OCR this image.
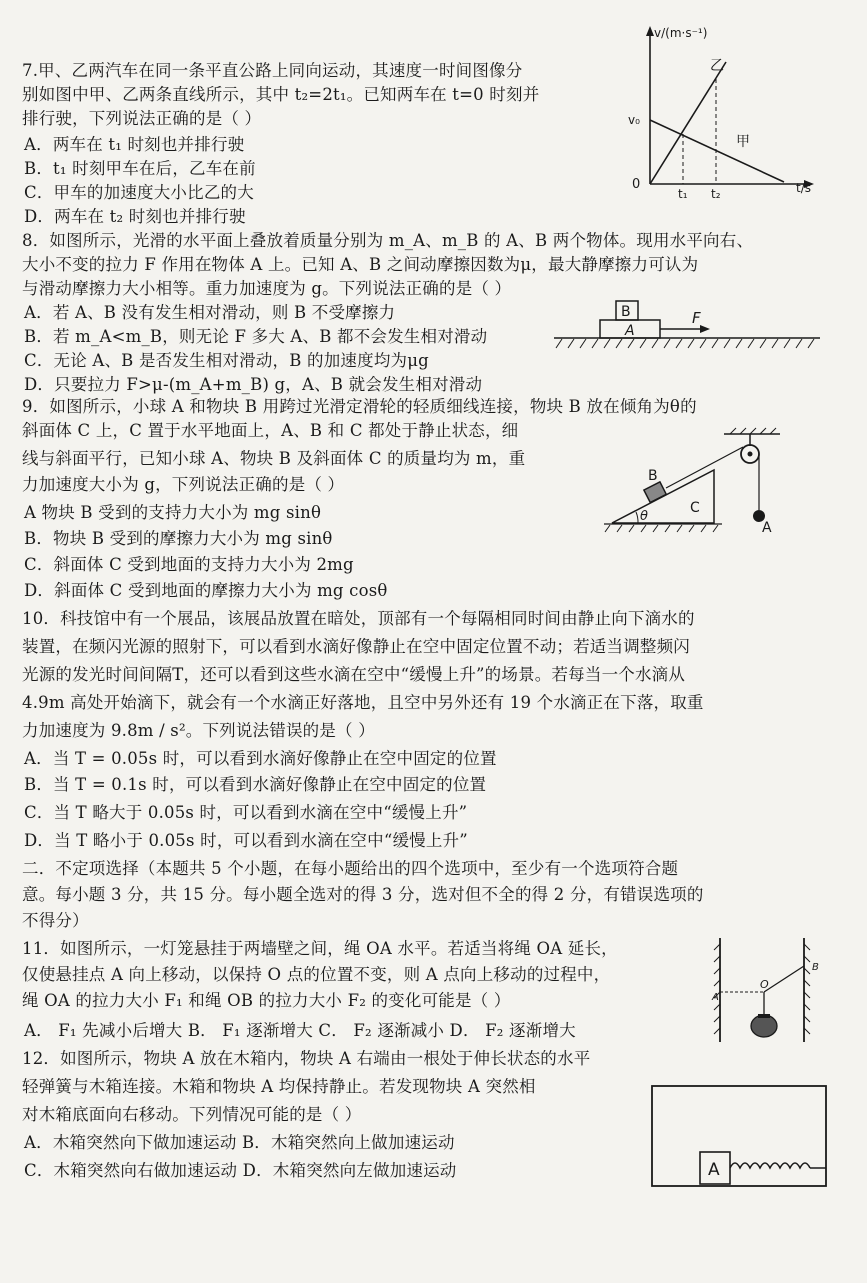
7.甲、乙两汽车在同一条平直公路上同向运动，其速度一时间图像分
别如图中甲、乙两条直线所示，其中 t₂=2t₁。已知两车在 t=0 时刻并
排行驶，下列说法正确的是（ ）
A．两车在 t₁ 时刻也并排行驶
B．t₁ 时刻甲车在后，乙车在前
C．甲车的加速度大小比乙的大
D．两车在 t₂ 时刻也并排行驶
v/(m·s⁻¹)
t/s
0
v₀
t₁ t₂
甲
乙
8．如图所示，光滑的水平面上叠放着质量分别为 m_A、m_B 的 A、B 两个物体。现用水平向右、
大小不变的拉力 F 作用在物体 A 上。已知 A、B 之间动摩擦因数为μ，最大静摩擦力可认为
与滑动摩擦力大小相等。重力加速度为 g。下列说法正确的是（ ）
A．若 A、B 没有发生相对滑动，则 B 不受摩擦力
B．若 m_A<m_B，则无论 F 多大 A、B 都不会发生相对滑动
C．无论 A、B 是否发生相对滑动，B 的加速度均为μg
D．只要拉力 F>μ-(m_A+m_B) g，A、B 就会发生相对滑动
A
B	F
9．如图所示，小球 A 和物块 B 用跨过光滑定滑轮的轻质细线连接，物块 B 放在倾角为θ的
斜面体 C 上，C 置于水平地面上，A、B 和 C 都处于静止状态，细
线与斜面平行，已知小球 A、物块 B 及斜面体 C 的质量均为 m，重
力加速度大小为 g，下列说法正确的是（ ）
A 物块 B 受到的支持力大小为 mg sinθ
B．物块 B 受到的摩擦力大小为 mg sinθ
C．斜面体 C 受到地面的支持力大小为 2mg
D．斜面体 C 受到地面的摩擦力大小为 mg cosθ
θ
B
C
A
10．科技馆中有一个展品，该展品放置在暗处，顶部有一个每隔相同时间由静止向下滴水的
装置，在频闪光源的照射下，可以看到水滴好像静止在空中固定位置不动；若适当调整频闪
光源的发光时间间隔T，还可以看到这些水滴在空中“缓慢上升”的场景。若每当一个水滴从
4.9m 高处开始滴下，就会有一个水滴正好落地，且空中另外还有 19 个水滴正在下落，取重
力加速度为 9.8m / s²。下列说法错误的是（ ）
A．当 T = 0.05s 时，可以看到水滴好像静止在空中固定的位置
B．当 T = 0.1s 时，可以看到水滴好像静止在空中固定的位置
C．当 T 略大于 0.05s 时，可以看到水滴在空中“缓慢上升”
D．当 T 略小于 0.05s 时，可以看到水滴在空中“缓慢上升”
二．不定项选择（本题共 5 个小题，在每小题给出的四个选项中，至少有一个选项符合题
意。每小题 3 分，共 15 分。每小题全选对的得 3 分，选对但不全的得 2 分，有错误选项的
不得分）
11．如图所示，一灯笼悬挂于两墙壁之间，绳 OA 水平。若适当将绳 OA 延长，
仅使悬挂点 A 向上移动，以保持 O 点的位置不变，则 A 点向上移动的过程中，
绳 OA 的拉力大小 F₁ 和绳 OB 的拉力大小 F₂ 的变化可能是（ ）
A． F₁ 先减小后增大 B． F₁ 逐渐增大 C． F₂ 逐渐减小 D． F₂ 逐渐增大
A
O
B
12．如图所示，物块 A 放在木箱内，物块 A 右端由一根处于伸长状态的水平
轻弹簧与木箱连接。木箱和物块 A 均保持静止。若发现物块 A 突然相
对木箱底面向右移动。下列情况可能的是（ ）
A．木箱突然向下做加速运动 B．木箱突然向上做加速运动
C．木箱突然向右做加速运动 D．木箱突然向左做加速运动	A
